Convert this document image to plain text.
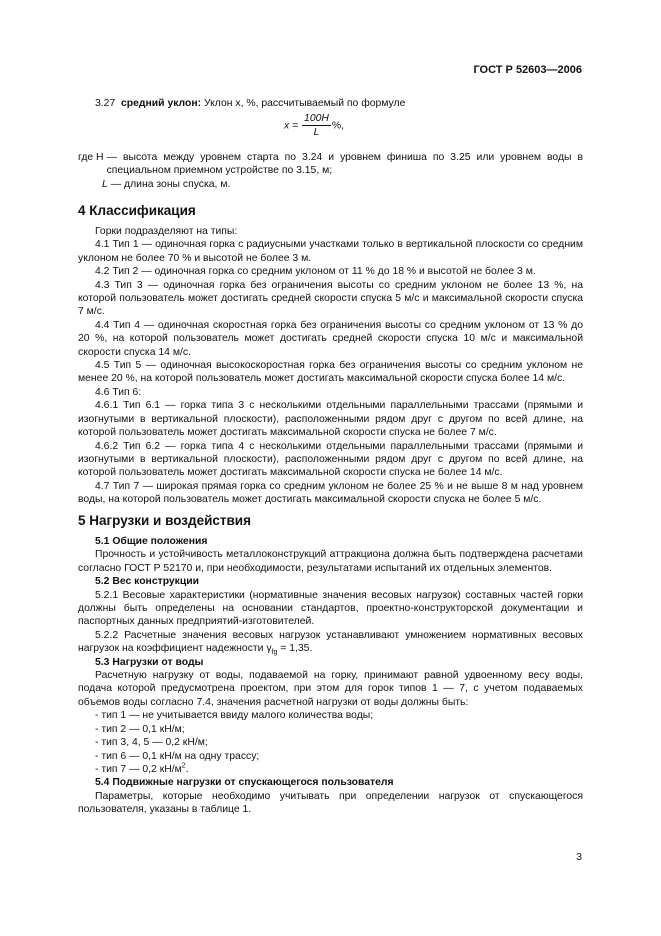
ГОСТ Р 52603—2006

3.27 средний уклон: Уклон x, %, рассчитываемый по формуле

$x = \frac{100H}{L}$ %,
где H — высота между уровнем старта по 3.24 и уровнем финиша по 3.25 или уровнем воды в специальном приемном устройстве по 3.15, м;
L — длина зоны спуска, м.
4 Классификация

Горки подразделяют на типы:

4.1 Тип 1 — одиночная горка с радиусными участками только в вертикальной плоскости со средним уклоном не более 70 % и высотой не более 3 м.

4.2 Тип 2 — одиночная горка со средним уклоном от 11 % до 18 % и высотой не более 3 м.

4.3 Тип 3 — одиночная горка без ограничения высоты со средним уклоном не более 13 %, на которой пользователь может достигать средней скорости спуска 5 м/с и максимальной скорости спуска 7 м/с.

4.4 Тип 4 — одиночная скоростная горка без ограничения высоты со средним уклоном от 13 % до 20 %, на которой пользователь может достигать средней скорости спуска 10 м/с и максимальной скорости спуска 14 м/с.

4.5 Тип 5 — одиночная высокоскоростная горка без ограничения высоты со средним уклоном не менее 20 %, на которой пользователь может достигать максимальной скорости спуска более 14 м/с.

4.6 Тип 6:

4.6.1 Тип 6.1 — горка типа 3 с несколькими отдельными параллельными трассами (прямыми и изогнутыми в вертикальной плоскости), расположенными рядом друг с другом по всей длине, на которой пользователь может достигать максимальной скорости спуска не более 7 м/с.

4.6.2 Тип 6.2 — горка типа 4 с несколькими отдельными параллельными трассами (прямыми и изогнутыми в вертикальной плоскости), расположенными рядом друг с другом по всей длине, на которой пользователь может достигать максимальной скорости спуска не более 14 м/с.

4.7 Тип 7 — широкая прямая горка со средним уклоном не более 25 % и не выше 8 м над уровнем воды, на которой пользователь может достигать максимальной скорости спуска не более 5 м/с.

5 Нагрузки и воздействия

5.1 Общие положения

Прочность и устойчивость металлоконструкций аттракциона должна быть подтверждена расчетами согласно ГОСТ Р 52170 и, при необходимости, результатами испытаний их отдельных элементов.

5.2 Вес конструкции

5.2.1 Весовые характеристики (нормативные значения весовых нагрузок) составных частей горки должны быть определены на основании стандартов, проектно-конструкторской документации и паспортных данных предприятий-изготовителей.

5.2.2 Расчетные значения весовых нагрузок устанавливают умножением нормативных весовых нагрузок на коэффициент надежности $\gamma_{fg} = 1,35$.

5.3 Нагрузки от воды

Расчетную нагрузку от воды, подаваемой на горку, принимают равной удвоенному весу воды, подача которой предусмотрена проектом, при этом для горок типов 1 — 7, с учетом подаваемых объемов воды согласно 7.4, значения расчетной нагрузки от воды должны быть:

- тип 1 — не учитывается ввиду малого количества воды;
- тип 2 — 0,1 кН/м;
- тип 3, 4, 5 — 0,2 кН/м;
- тип 6 — 0,1 кН/м на одну трассу;
- тип 7 — 0,2 $кН/м^2$.

5.4 Подвижные нагрузки от спускающегося пользователя

Параметры, которые необходимо учитывать при определении нагрузок от спускающегося пользователя, указаны в таблице 1.

3
